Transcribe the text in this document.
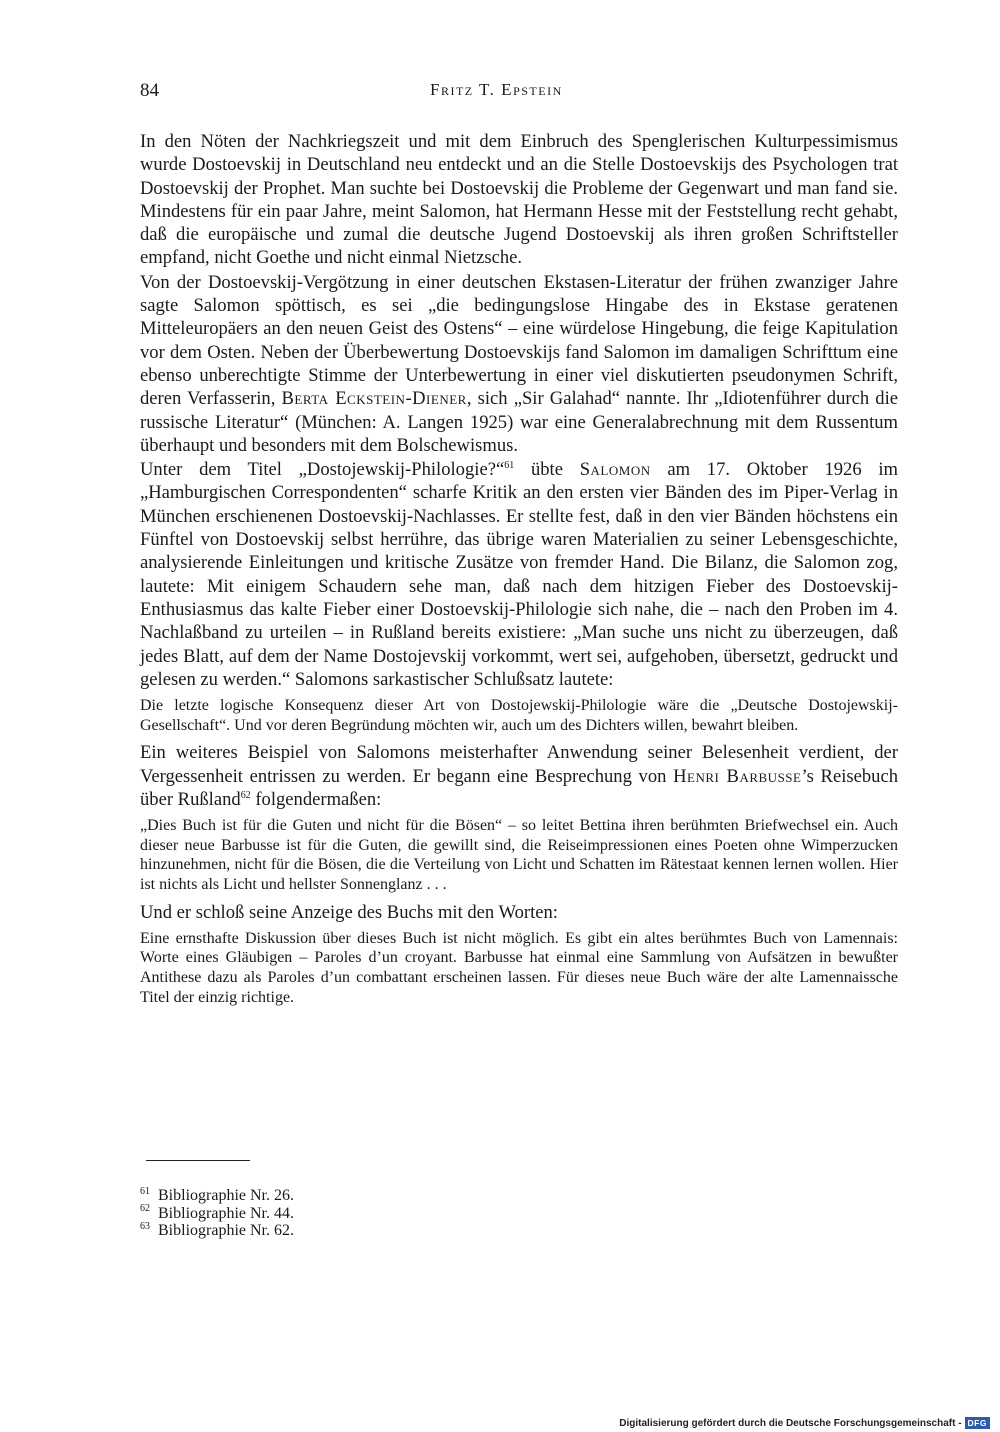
84	Fritz T. Epstein

In den Nöten der Nachkriegszeit und mit dem Einbruch des Spenglerischen Kulturpessimismus wurde Dostoevskij in Deutschland neu entdeckt und an die Stelle Dostoevskijs des Psychologen trat Dostoevskij der Prophet. Man suchte bei Dostoevskij die Probleme der Gegenwart und man fand sie. Mindestens für ein paar Jahre, meint Salomon, hat Hermann Hesse mit der Feststellung recht gehabt, daß die europäische und zumal die deutsche Jugend Dostoevskij als ihren großen Schriftsteller empfand, nicht Goethe und nicht einmal Nietzsche.

Von der Dostoevskij-Vergötzung in einer deutschen Ekstasen-Literatur der frühen zwanziger Jahre sagte Salomon spöttisch, es sei „die bedingungslose Hingabe des in Ekstase geratenen Mitteleuropäers an den neuen Geist des Ostens“ – eine würdelose Hingebung, die feige Kapitulation vor dem Osten. Neben der Überbewertung Dostoevskijs fand Salomon im damaligen Schrifttum eine ebenso unberechtigte Stimme der Unterbewertung in einer viel diskutierten pseudonymen Schrift, deren Verfasserin, Berta Eckstein-Diener, sich „Sir Galahad“ nannte. Ihr „Idiotenführer durch die russische Literatur“ (München: A. Langen 1925) war eine Generalabrechnung mit dem Russentum überhaupt und besonders mit dem Bolschewismus.

Unter dem Titel „Dostojewskij-Philologie?“$^{61}$ übte Salomon am 17. Oktober 1926 im „Hamburgischen Correspondenten“ scharfe Kritik an den ersten vier Bänden des im Piper-Verlag in München erschienenen Dostoevskij-Nachlasses. Er stellte fest, daß in den vier Bänden höchstens ein Fünftel von Dostoevskij selbst herrühre, das übrige waren Materialien zu seiner Lebensgeschichte, analysierende Einleitungen und kritische Zusätze von fremder Hand. Die Bilanz, die Salomon zog, lautete: Mit einigem Schaudern sehe man, daß nach dem hitzigen Fieber des Dostoevskij-Enthusiasmus das kalte Fieber einer Dostoevskij-Philologie sich nahe, die – nach den Proben im 4. Nachlaßband zu urteilen – in Rußland bereits existiere: „Man suche uns nicht zu überzeugen, daß jedes Blatt, auf dem der Name Dostojevskij vorkommt, wert sei, aufgehoben, übersetzt, gedruckt und gelesen zu werden.“ Salomons sarkastischer Schlußsatz lautete:

Die letzte logische Konsequenz dieser Art von Dostojewskij-Philologie wäre die „Deutsche Dostojewskij-Gesellschaft“. Und vor deren Begründung möchten wir, auch um des Dichters willen, bewahrt bleiben.

Ein weiteres Beispiel von Salomons meisterhafter Anwendung seiner Belesenheit verdient, der Vergessenheit entrissen zu werden. Er begann eine Besprechung von Henri Barbusse’s Reisebuch über Rußland$^{62}$ folgendermaßen:

„Dies Buch ist für die Guten und nicht für die Bösen“ – so leitet Bettina ihren berühmten Briefwechsel ein. Auch dieser neue Barbusse ist für die Guten, die gewillt sind, die Reiseimpressionen eines Poeten ohne Wimperzucken hinzunehmen, nicht für die Bösen, die die Verteilung von Licht und Schatten im Rätestaat kennen lernen wollen. Hier ist nichts als Licht und hellster Sonnenglanz . . .

Und er schloß seine Anzeige des Buchs mit den Worten:

Eine ernsthafte Diskussion über dieses Buch ist nicht möglich. Es gibt ein altes berühmtes Buch von Lamennais: Worte eines Gläubigen – Paroles d’un croyant. Barbusse hat einmal eine Sammlung von Aufsätzen in bewußter Antithese dazu als Paroles d’un combattant erscheinen lassen. Für dieses neue Buch wäre der alte Lamennaissche Titel der einzig richtige.

$^{61}$ Bibliographie Nr. 26.

$^{62}$ Bibliographie Nr. 44.

$^{63}$ Bibliographie Nr. 62.

Digitalisierung gefördert durch die Deutsche Forschungsgemeinschaft - DFG
